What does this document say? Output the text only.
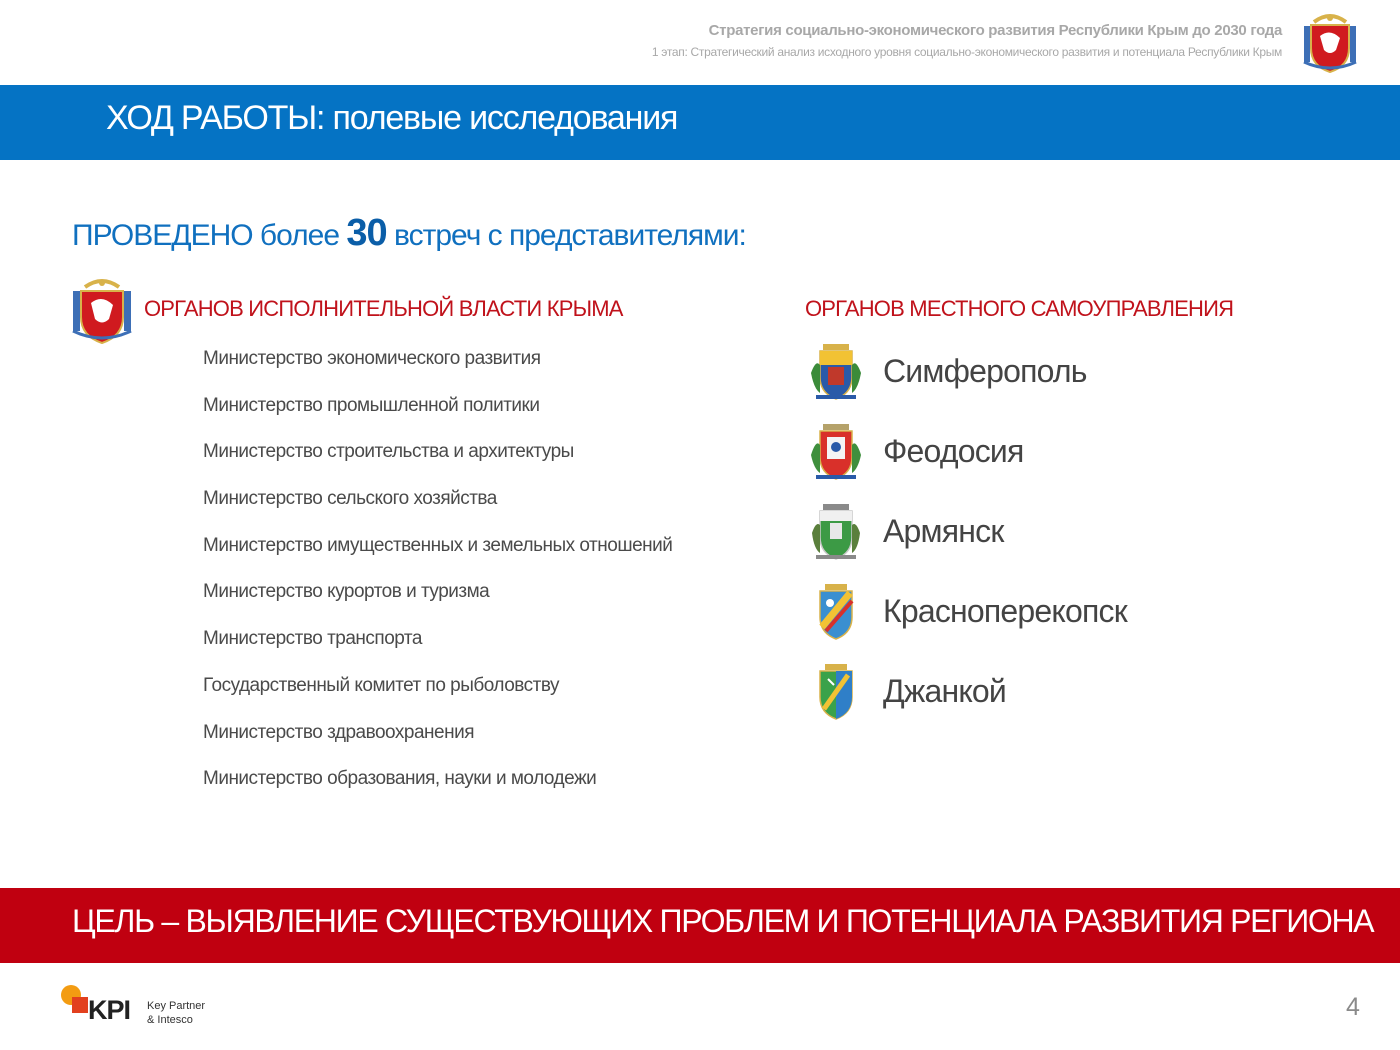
Стратегия социально-экономического развития Республики Крым до 2030 года
1 этап: Стратегический анализ исходного уровня социально-экономического развития и потенциала Республики Крым
ХОД РАБОТЫ: полевые исследования
ПРОВЕДЕНО более 30 встреч с представителями:
ОРГАНОВ ИСПОЛНИТЕЛЬНОЙ ВЛАСТИ КРЫМА
Министерство экономического развития
Министерство промышленной политики
Министерство строительства и архитектуры
Министерство сельского хозяйства
Министерство имущественных и земельных отношений
Министерство курортов и туризма
Министерство транспорта
Государственный комитет по рыболовству
Министерство здравоохранения
Министерство образования, науки и молодежи
ОРГАНОВ МЕСТНОГО САМОУПРАВЛЕНИЯ
Симферополь
Феодосия
Армянск
Красноперекопск
Джанкой
ЦЕЛЬ – ВЫЯВЛЕНИЕ СУЩЕСТВУЮЩИХ ПРОБЛЕМ И ПОТЕНЦИАЛА РАЗВИТИЯ РЕГИОНА
KPI Key Partner
& Intesco	4
